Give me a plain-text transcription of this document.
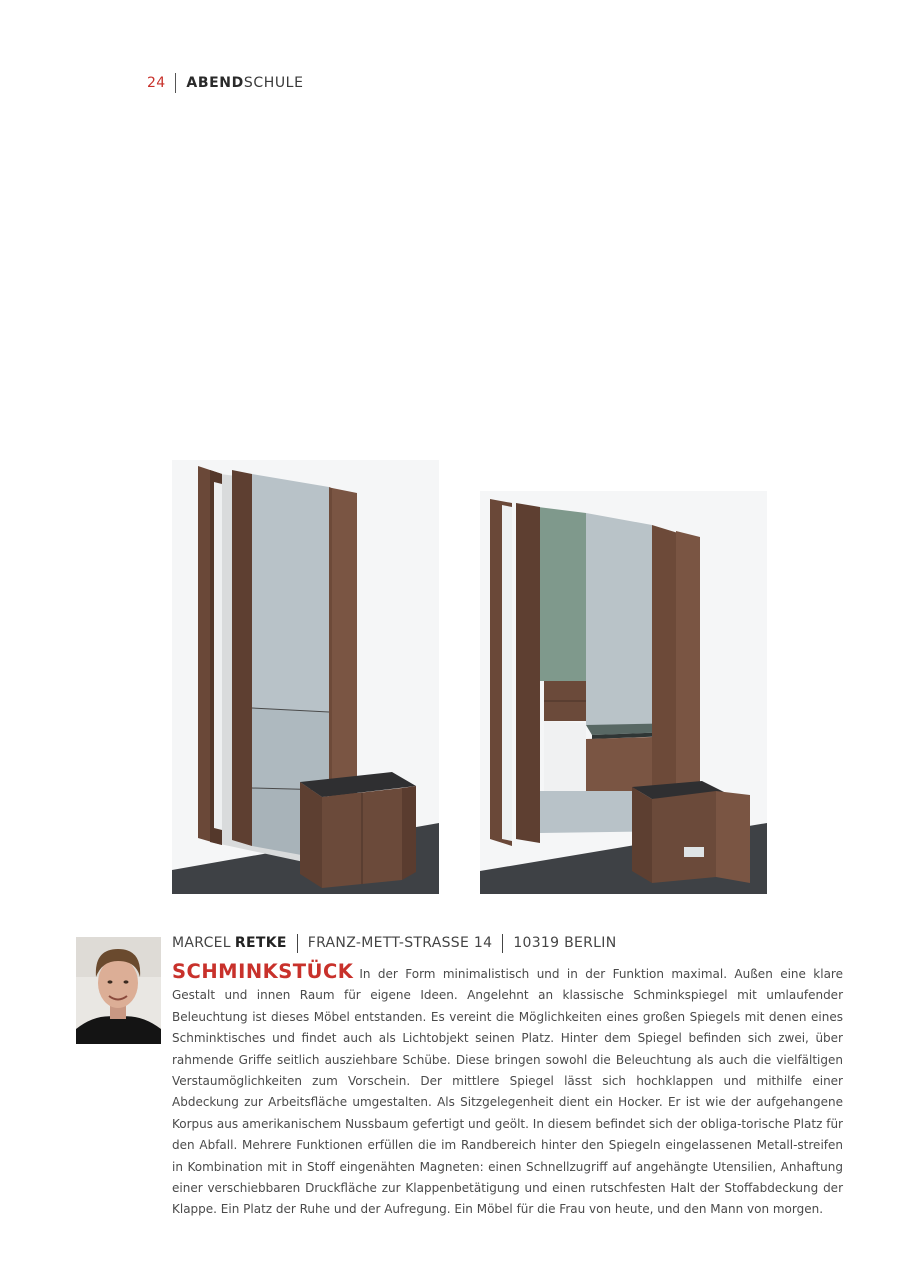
24 ABENDSCHULE
MARCEL RETKE FRANZ-METT-STRASSE 14 10319 BERLIN
SCHMINKSTÜCK In der Form minimalistisch und in der Funktion maximal. Außen eine klare Gestalt und innen Raum für eigene Ideen. Angelehnt an klassische Schminkspiegel mit umlaufender Beleuchtung ist dieses Möbel entstanden. Es vereint die Möglichkeiten eines großen Spiegels mit denen eines Schminktisches und findet auch als Lichtobjekt seinen Platz. Hinter dem Spiegel befinden sich zwei, über rahmende Griffe seitlich ausziehbare Schübe. Diese bringen sowohl die Beleuchtung als auch die vielfältigen Verstaumöglichkeiten zum Vorschein. Der mittlere Spiegel lässt sich hochklappen und mithilfe einer Abdeckung zur Arbeitsfläche umgestalten. Als Sitzgelegenheit dient ein Hocker. Er ist wie der aufgehangene Korpus aus amerikanischem Nussbaum gefertigt und geölt. In diesem befindet sich der obliga-torische Platz für den Abfall. Mehrere Funktionen erfüllen die im Randbereich hinter den Spiegeln eingelassenen Metall-streifen in Kombination mit in Stoff eingenähten Magneten: einen Schnellzugriff auf angehängte Utensilien, Anhaftung einer verschiebbaren Druckfläche zur Klappenbetätigung und einen rutschfesten Halt der Stoffabdeckung der Klappe. Ein Platz der Ruhe und der Aufregung. Ein Möbel für die Frau von heute, und den Mann von morgen.
